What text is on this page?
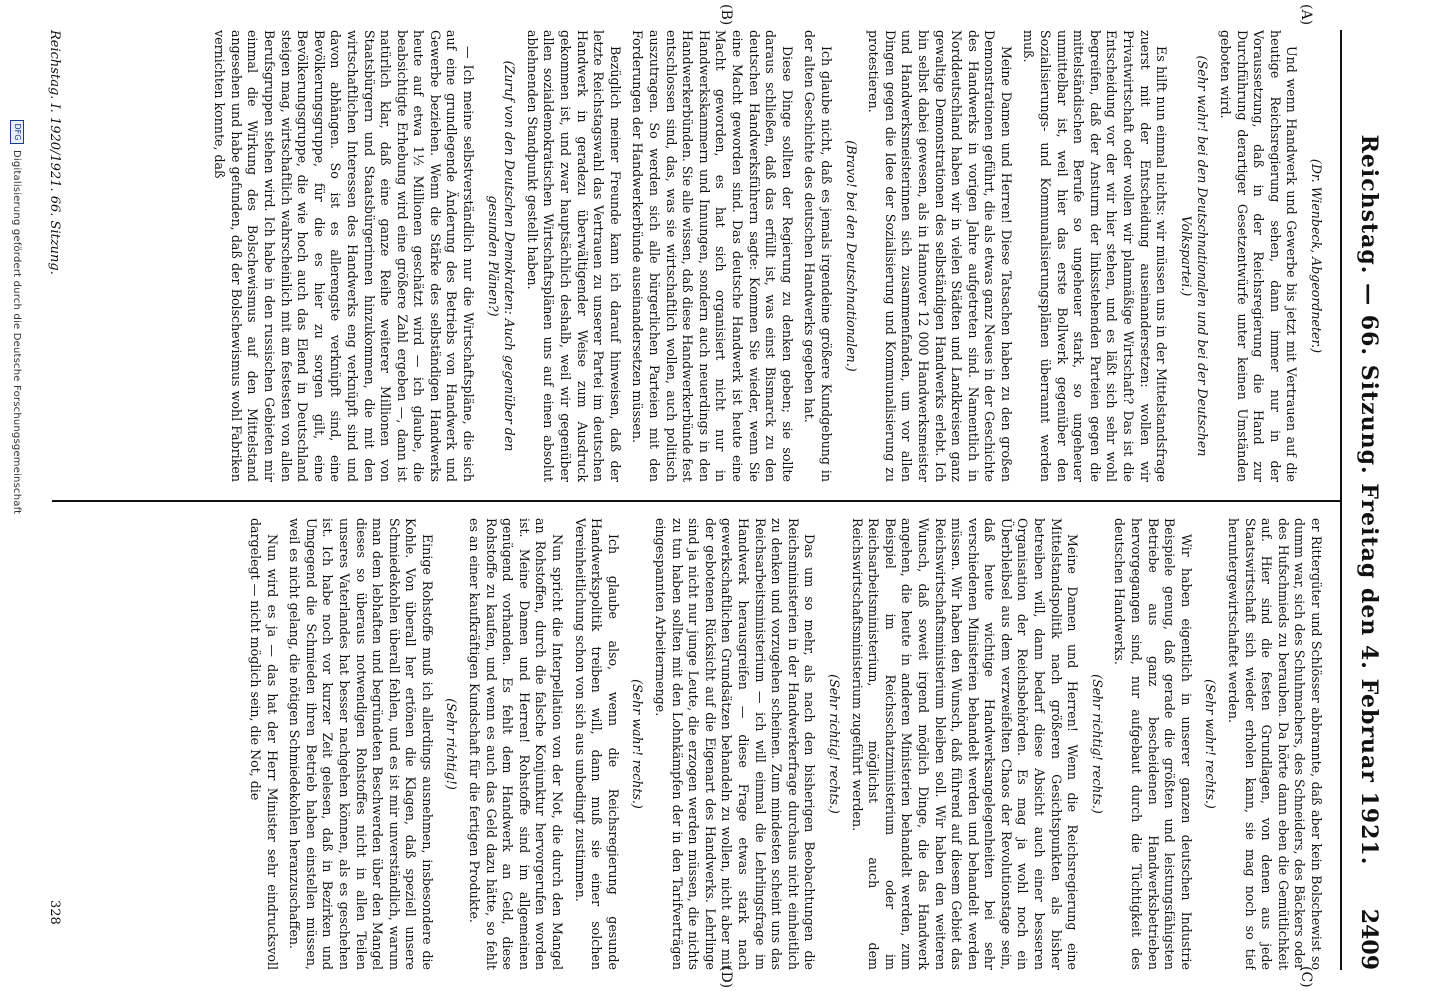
Reichstag. — 66. Sitzung. Freitag den 4. Februar 1921.
2409
(A)
(B)
(C)
(D)

(Dr. Wienbeck, Abgeordneter.)

Und wenn Handwerk und Gewerbe bis jetzt mit Vertrauen auf die heutige Reichsregierung sehen, dann immer nur in der Voraussetzung, daß in der Reichsregierung die Hand zur Durchführung derartiger Gesetzentwürfe unter keinen Umständen geboten wird.

(Sehr wahr! bei den Deutschnationalen und bei der Deutschen Volkspartei.)

Es hilft nun einmal nichts: wir müssen uns in der Mittelstandsfrage zuerst mit der Entscheidung auseinandersetzen: wollen wir Privatwirtschaft oder wollen wir planmäßige Wirtschaft? Das ist die Entscheidung vor der wir hier stehen, und es läßt sich sehr wohl begreifen, daß der Ansturm der linksstehenden Parteien gegen die mittelständischen Berufe so ungeheuer stark, so ungeheuer unmittelbar ist, weil hier das erste Bollwerk gegenüber den Sozialisierungs- und Kommunalisierungsplänen überrannt werden muß.

Meine Damen und Herren! Diese Tatsachen haben zu den großen Demonstrationen geführt, die als etwas ganz Neues in der Geschichte des Handwerks in vorigen Jahre aufgetreten sind. Namentlich in Norddeutschland haben wir in vielen Städten und Landkreisen ganz gewaltige Demonstrationen des selbständigen Handwerks erlebt. Ich bin selbst dabei gewesen, als in Hannover 12 000 Handwerksmeister und Handwerksmeisterinnen sich zusammenfanden, um vor allen Dingen gegen die Idee der Sozialisierung und Kommunalisierung zu protestieren.

(Bravo! bei den Deutschnationalen.)

Ich glaube nicht, daß es jemals irgendeine größere Kundgebung in der alten Geschichte des deutschen Handwerks gegeben hat.

Diese Dinge sollten der Regierung zu denken geben; sie sollte daraus schließen, daß das erfüllt ist, was einst Bismarck zu den deutschen Handwerksführern sagte: Kommen Sie wieder, wenn Sie eine Macht geworden sind. Das deutsche Handwerk ist heute eine Macht geworden, es hat sich organisiert nicht nur in Handwerkskammern und Innungen, sondern auch neuerdings in den Handwerkerbünden. Sie alle wissen, daß diese Handwerkerbünde fest entschlossen sind, das, was sie wirtschaftlich wollen, auch politisch auszutragen. So werden sich alle bürgerlichen Parteien mit den Forderungen der Handwerkerbünde auseinandersetzen müssen.

Bezüglich meiner Freunde kann ich darauf hinweisen, daß der letzte Reichstagswahl das Vertrauen zu unserer Partei im deutschen Handwerk in geradezu überwältigender Weise zum Ausdruck gekommen ist, und zwar hauptsächlich deshalb, weil wir gegenüber allen sozialdemokratischen Wirtschaftsplänen uns auf einen absolut ablehnenden Standpunkt gestellt haben.

(Zuruf von den Deutschen Demokraten: Auch gegenüber den gesunden Plänen?)

— Ich meine selbstverständlich nur die Wirtschaftspläne, die sich auf eine grundlegende Änderung des Betriebs von Handwerk und Gewerbe beziehen. Wenn die Stärke des selbständigen Handwerks heute auf etwa 1½ Millionen geschätzt wird — ich glaube, die beabsichtigte Erhebung wird eine größere Zahl ergeben —, dann ist natürlich klar, daß eine ganze Reihe weiterer Millionen von Staatsbürgern und Staatsbürgerinnen hinzukommen, die mit den wirtschaftlichen Interessen des Handwerks eng verknüpft sind und davon abhängen. So ist es allerengste verknüpft sind, eine Bevölkerungsgruppe, für die es hier zu sorgen gilt, eine Bevölkerungsgruppe, die wie hoch auch das Elend in Deutschland steigen mag, wirtschaftlich wahrscheinlich mit am festesten von allen Berufsgruppen stehen wird. Ich habe in den russischen Gebieten mir einmal die Wirkung des Bolschewismus auf den Mittelstand angesehen und habe gefunden, daß der Bolschewismus wohl Fabriken vernichten konnte, daß

er Rittergüter und Schlösser abbrannte, daß aber kein Bolschewist so dumm war, sich des Schuhmachers, des Schneiders, des Bäckers oder des Hufschmieds zu berauben. Da hörte dann eben die Gemütlichkeit auf. Hier sind die festen Grundlagen, von denen aus jede Staatswirtschaft sich wieder erholen kann, sie mag noch so tief heruntergewirtschaftet werden.

(Sehr wahr! rechts.)

Wir haben eigentlich in unserer ganzen deutschen Industrie Beispiele genug, daß gerade die größten und leistungsfähigsten Betriebe aus ganz bescheidenen Handwerksbetrieben hervorgegangen sind, nur aufgebaut durch die Tüchtigkeit des deutschen Handwerks.

(Sehr richtig! rechts.)

Meine Damen und Herren! Wenn die Reichsregierung eine Mittelstandspolitik nach größeren Gesichtspunkten als bisher betreiben will, dann bedarf diese Absicht auch einer besseren Organisation der Reichsbehörden. Es mag ja wohl noch ein Überbleibsel aus dem verzweifelten Chaos der Revolutionstage sein, daß heute wichtige Handwerksangelegenheiten bei sehr verschiedenen Ministerien behandelt werden und behandelt werden müssen. Wir haben den Wunsch, daß führend auf diesem Gebiet das Reichswirtschaftsministerium bleiben soll. Wir haben den weiteren Wunsch, daß soweit irgend möglich Dinge, die das Handwerk angehen, die heute in anderen Ministerien behandelt werden, zum Beispiel im Reichsschatzministerium oder im Reichsarbeitsministerium, möglichst auch dem Reichswirtschaftsministerium zugeführt werden.

(Sehr richtig! rechts.)

Das um so mehr, als nach den bisherigen Beobachtungen die Reichsministerien in der Handwerkerfrage durchaus nicht einheitlich zu denken und vorzugehen scheinen. Zum mindesten scheint uns das Reichsarbeitsministerium — ich will einmal die Lehrlingsfrage im Handwerk herausgreifen — diese Frage etwas stark nach gewerkschaftlichen Grundsätzen behandeln zu wollen, nicht aber mit der gebotenen Rücksicht auf die Eigenart des Handwerks. Lehrlinge sind ja nicht nur junge Leute, die erzogen werden müssen, die nichts zu tun haben sollten mit den Lohnkämpfen der in den Tarifverträgen eingespannten Arbeitermenge.

(Sehr wahr! rechts.)

Ich glaube also, wenn die Reichsregierung gesunde Handwerkspolitik treiben will, dann muß sie einer solchen Vereinheitlichung schon von sich aus unbedingt zustimmen.

Nun spricht die Interpellation von der Not, die durch den Mangel an Rohstoffen, durch die falsche Konjunktur hervorgerufen worden ist. Meine Damen und Herren! Rohstoffe sind im allgemeinen genügend vorhanden. Es fehlt dem Handwerk an Geld, diese Rohstoffe zu kaufen, und wenn es auch das Geld dazu hätte, so fehlt es an einer kaufkräftigen Kundschaft für die fertigen Produkte.

(Sehr richtig!)

Einige Rohstoffe muß ich allerdings ausnehmen, insbesondere die Kohle. Von überall her ertönen die Klagen, daß speziell unsere Schmiedekohlen überall fehlen, und es ist mir unverständlich, warum man dem lebhaften und begründeten Beschwerden über den Mangel dieses so überaus notwendigen Rohstoffes nicht in allen Teilen unseres Vaterlandes hat besser nachgehen können, als es geschehen ist. Ich habe noch vor kurzer Zeit gelesen, daß in Bezirken und Umgegend die Schmieden ihren Betrieb haben einstellen müssen, weil es nicht gelang, die nötigen Schmiedekohlen heranzuschaffen.

Nun wird es ja — das hat der Herr Minister sehr eindrucksvoll dargelegt — nicht möglich sein, die Not, die

Reichstag. I. 1920/1921. 66. Sitzung.
328
DFG
Digitalisierung gefördert durch die Deutsche Forschungsgemeinschaft
